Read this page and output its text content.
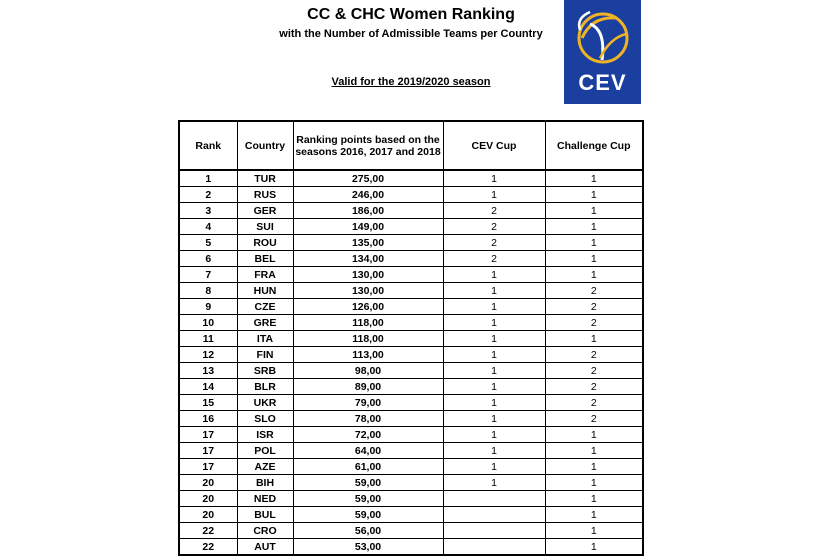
CC & CHC Women Ranking
with the Number of Admissible Teams per Country
Valid for the 2019/2020 season	CEV
Rank	Country	Ranking points based on the seasons 2016, 2017 and 2018	CEV Cup	Challenge Cup
1	TUR	275,00	1	1
2	RUS	246,00	1	1
3	GER	186,00	2	1
4	SUI	149,00	2	1
5	ROU	135,00	2	1
6	BEL	134,00	2	1
7	FRA	130,00	1	1
8	HUN	130,00	1	2
9	CZE	126,00	1	2
10	GRE	118,00	1	2
11	ITA	118,00	1	1
12	FIN	113,00	1	2
13	SRB	98,00	1	2
14	BLR	89,00	1	2
15	UKR	79,00	1	2
16	SLO	78,00	1	2
17	ISR	72,00	1	1
17	POL	64,00	1	1
17	AZE	61,00	1	1
20	BIH	59,00	1	1
20	NED	59,00		1
20	BUL	59,00		1
22	CRO	56,00		1
22	AUT	53,00		1
